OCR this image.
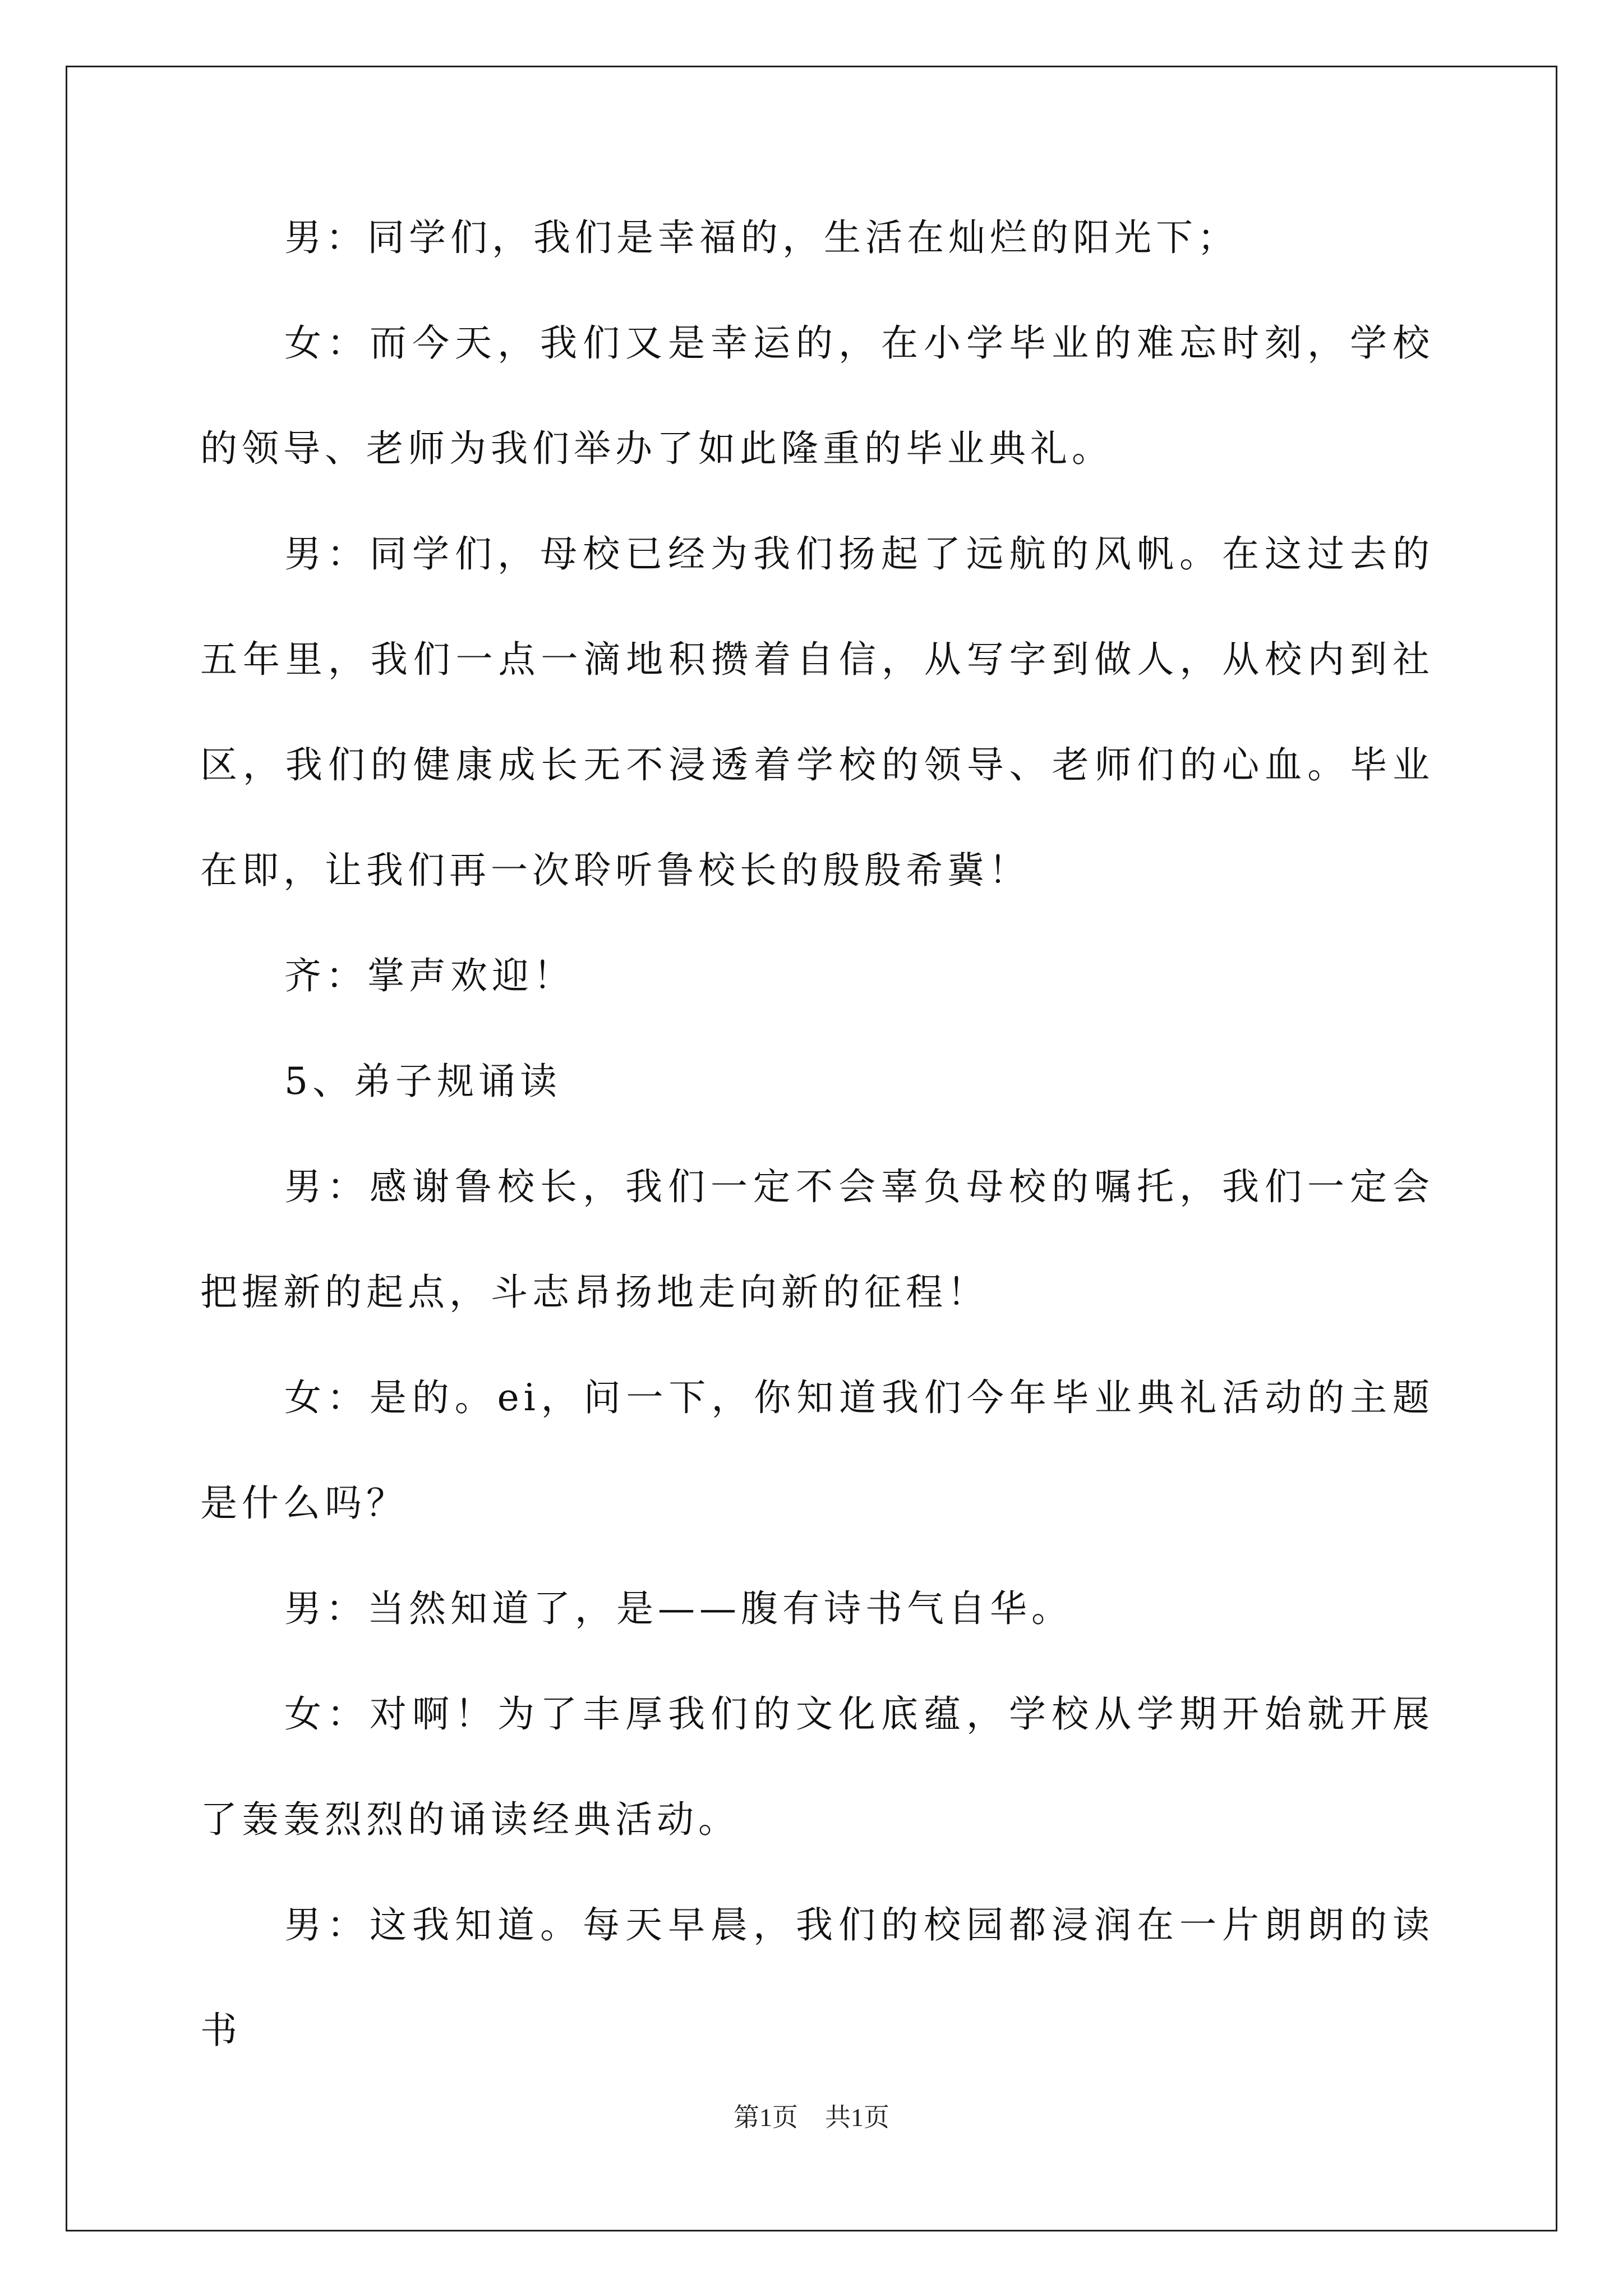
男：同学们，我们是幸福的，生活在灿烂的阳光下；

女：而今天，我们又是幸运的，在小学毕业的难忘时刻，学校的领导、老师为我们举办了如此隆重的毕业典礼。

男：同学们，母校已经为我们扬起了远航的风帆。在这过去的五年里，我们一点一滴地积攒着自信，从写字到做人，从校内到社区，我们的健康成长无不浸透着学校的领导、老师们的心血。毕业在即，让我们再一次聆听鲁校长的殷殷希冀！

齐：掌声欢迎！

5、弟子规诵读

男：感谢鲁校长，我们一定不会辜负母校的嘱托，我们一定会把握新的起点，斗志昂扬地走向新的征程！

女：是的。ei，问一下，你知道我们今年毕业典礼活动的主题是什么吗？

男：当然知道了，是——腹有诗书气自华。

女：对啊！为了丰厚我们的文化底蕴，学校从学期开始就开展了轰轰烈烈的诵读经典活动。

男：这我知道。每天早晨，我们的校园都浸润在一片朗朗的读书

第1页 共1页
